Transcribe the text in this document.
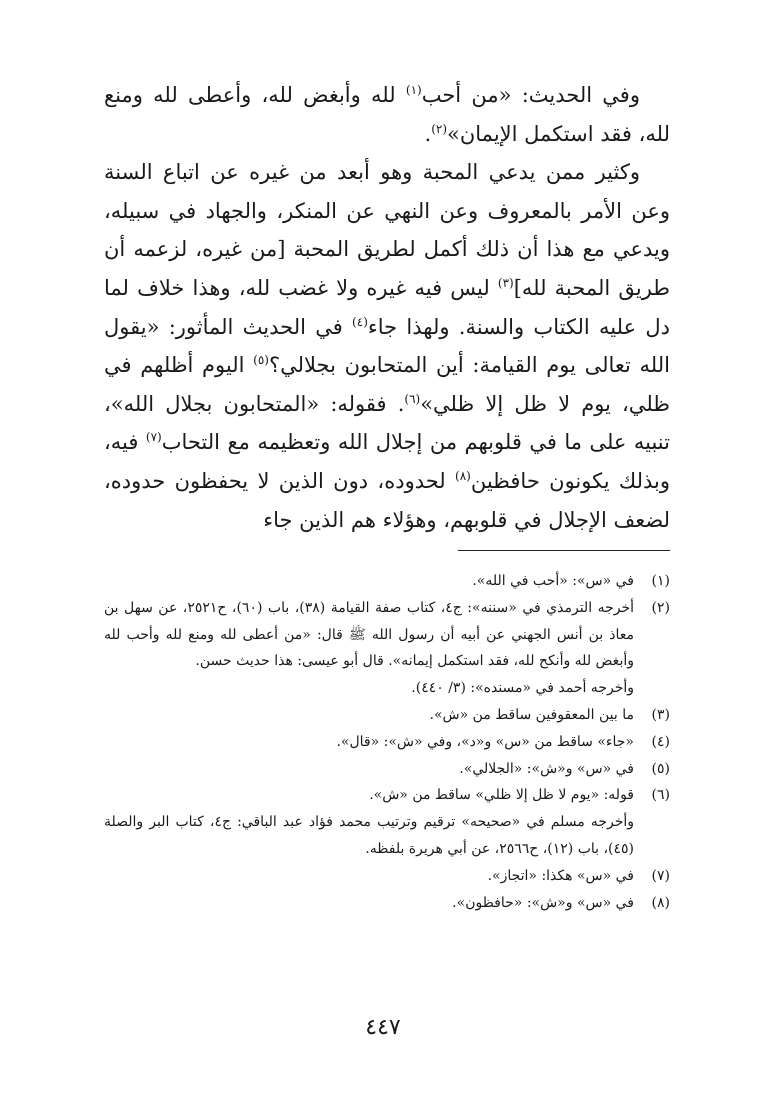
وفي الحديث: «من أحب$^{(١)}$ لله وأبغض لله، وأعطى لله ومنع لله، فقد استكمل الإيمان»$^{(٢)}$.

وكثير ممن يدعي المحبة وهو أبعد من غيره عن اتباع السنة وعن الأمر بالمعروف وعن النهي عن المنكر، والجهاد في سبيله، ويدعي مع هذا أن ذلك أكمل لطريق المحبة [من غيره، لزعمه أن طريق المحبة لله]$^{(٣)}$ ليس فيه غيره ولا غضب لله، وهذا خلاف لما دل عليه الكتاب والسنة. ولهذا جاء$^{(٤)}$ في الحديث المأثور: «يقول الله تعالى يوم القيامة: أين المتحابون بجلالي؟$^{(٥)}$ اليوم أظلهم في ظلي، يوم لا ظل إلا ظلي»$^{(٦)}$. فقوله: «المتحابون بجلال الله»، تنبيه على ما في قلوبهم من إجلال الله وتعظيمه مع التحاب$^{(٧)}$ فيه، وبذلك يكونون حافظين$^{(٨)}$ لحدوده، دون الذين لا يحفظون حدوده، لضعف الإجلال في قلوبهم، وهؤلاء هم الذين جاء

(١)
في «س»: «أحب في الله».
(٢)
أخرجه الترمذي في «سننه»: ج٤، كتاب صفة القيامة (٣٨)، باب (٦٠)، ح٢٥٢١، عن سهل بن معاذ بن أنس الجهني عن أبيه أن رسول الله ﷺ قال: «من أعطى لله ومنع لله وأحب لله وأبغض لله وأنكح لله، فقد استكمل إيمانه». قال أبو عيسى: هذا حديث حسن.
وأخرجه أحمد في «مسنده»: (٣/ ٤٤٠).
(٣)
ما بين المعقوفين ساقط من «ش».
(٤)
«جاء» ساقط من «س» و«د»، وفي «ش»: «قال».
(٥)
في «س» و«ش»: «الجلالي».
(٦)
قوله: «يوم لا ظل إلا ظلي» ساقط من «ش».
وأخرجه مسلم في «صحيحه» ترقيم وترتيب محمد فؤاد عبد الباقي: ج٤، كتاب البر والصلة (٤٥)، باب (١٢)، ح٢٥٦٦، عن أبي هريرة بلفظه.
(٧)
في «س» هكذا: «اتجاز».
(٨)
في «س» و«ش»: «حافظون».
٤٤٧
